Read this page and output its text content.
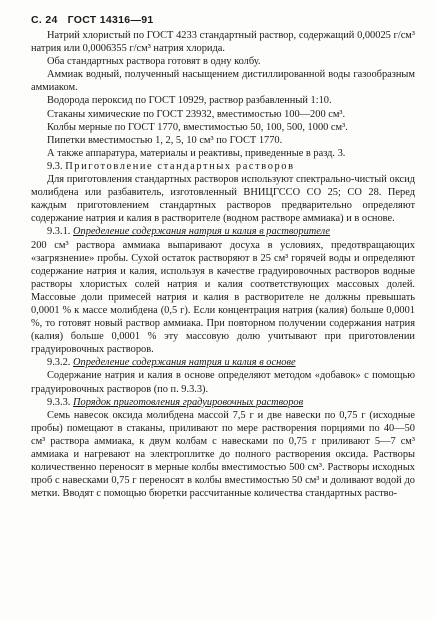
С. 24 ГОСТ 14316—91

Натрий хлористый по ГОСТ 4233 стандартный раствор, содержащий 0,00025 г/см³ натрия или 0,0006355 г/см³ натрия хлорида.

Оба стандартных раствора готовят в одну колбу.

Аммиак водный, полученный насыщением дистиллированной воды газообразным аммиаком.

Водорода пероксид по ГОСТ 10929, раствор разбавленный 1:10.

Стаканы химические по ГОСТ 23932, вместимостью 100—200 см³.

Колбы мерные по ГОСТ 1770, вместимостью 50, 100, 500, 1000 см³.

Пипетки вместимостью 1, 2, 5, 10 см³ по ГОСТ 1770.

А также аппаратура, материалы и реактивы, приведенные в разд. 3.

9.3. Приготовление стандартных растворов

Для приготовления стандартных растворов используют спектрально-чистый оксид молибдена или разбавитель, изготовленный ВНИЦГССО СО 25; СО 28. Перед каждым приготовлением стандартных растворов предварительно определяют содержание натрия и калия в растворителе (водном растворе аммиака) и в основе.

9.3.1. Определение содержания натрия и калия в растворителе

200 см³ раствора аммиака выпаривают досуха в условиях, предотвращающих «загрязнение» пробы. Сухой остаток растворяют в 25 см³ горячей воды и определяют содержание натрия и калия, используя в качестве градуировочных растворов водные растворы хлористых солей натрия и калия соответствующих массовых долей. Массовые доли примесей натрия и калия в растворителе не должны превышать 0,0001 % к массе молибдена (0,5 г). Если концентрация натрия (калия) больше 0,0001 %, то готовят новый раствор аммиака. При повторном получении содержания натрия (калия) больше 0,0001 % эту массовую долю учитывают при приготовлении градуировочных растворов.

9.3.2. Определение содержания натрия и калия в основе

Содержание натрия и калия в основе определяют методом «добавок» с помощью градуировочных растворов (по п. 9.3.3).

9.3.3. Порядок приготовления градуировочных растворов

Семь навесок оксида молибдена массой 7,5 г и две навески по 0,75 г (исходные пробы) помещают в стаканы, приливают по мере растворения порциями по 40—50 см³ раствора аммиака, к двум колбам с навесками по 0,75 г приливают 5—7 см³ аммиака и нагревают на электроплитке до полного растворения оксида. Растворы количественно переносят в мерные колбы вместимостью 500 см³. Растворы исходных проб с навесками 0,75 г переносят в колбы вместимостью 50 см³ и доливают водой до метки. Вводят с помощью бюретки рассчитанные количества стандартных раство-
